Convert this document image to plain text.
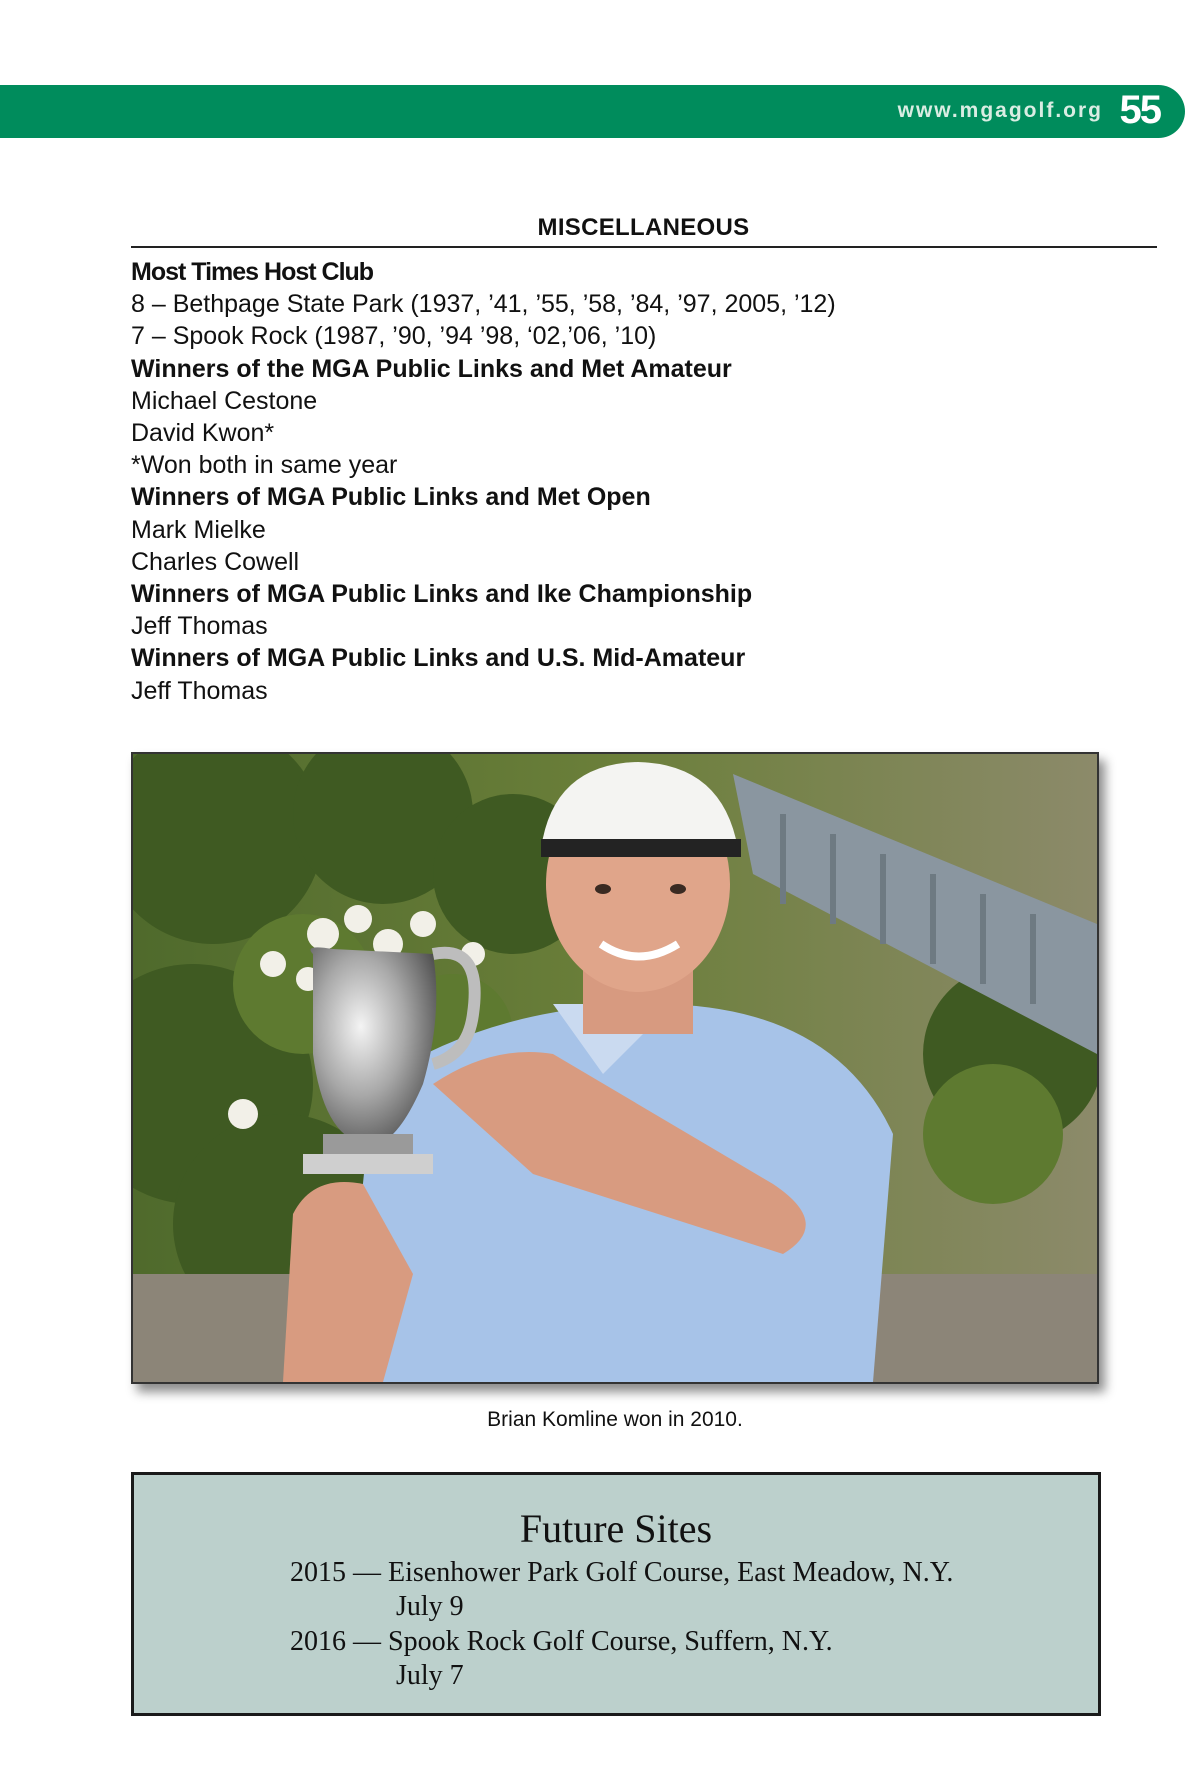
www.mgagolf.org 55
MISCELLANEOUS
Most Times Host Club
8 – Bethpage State Park (1937, ’41, ’55, ’58, ’84, ’97, 2005, ’12)
7 – Spook Rock (1987, ’90, ’94 ’98, ‘02,’06, ’10)
Winners of the MGA Public Links and Met Amateur
Michael Cestone
David Kwon*
*Won both in same year
Winners of MGA Public Links and Met Open
Mark Mielke
Charles Cowell
Winners of MGA Public Links and Ike Championship
Jeff Thomas
Winners of MGA Public Links and U.S. Mid-Amateur
Jeff Thomas
Brian Komline won in 2010.
Future Sites
2015 — Eisenhower Park Golf Course, East Meadow, N.Y.
July 9
2016 — Spook Rock Golf Course, Suffern, N.Y.
July 7
